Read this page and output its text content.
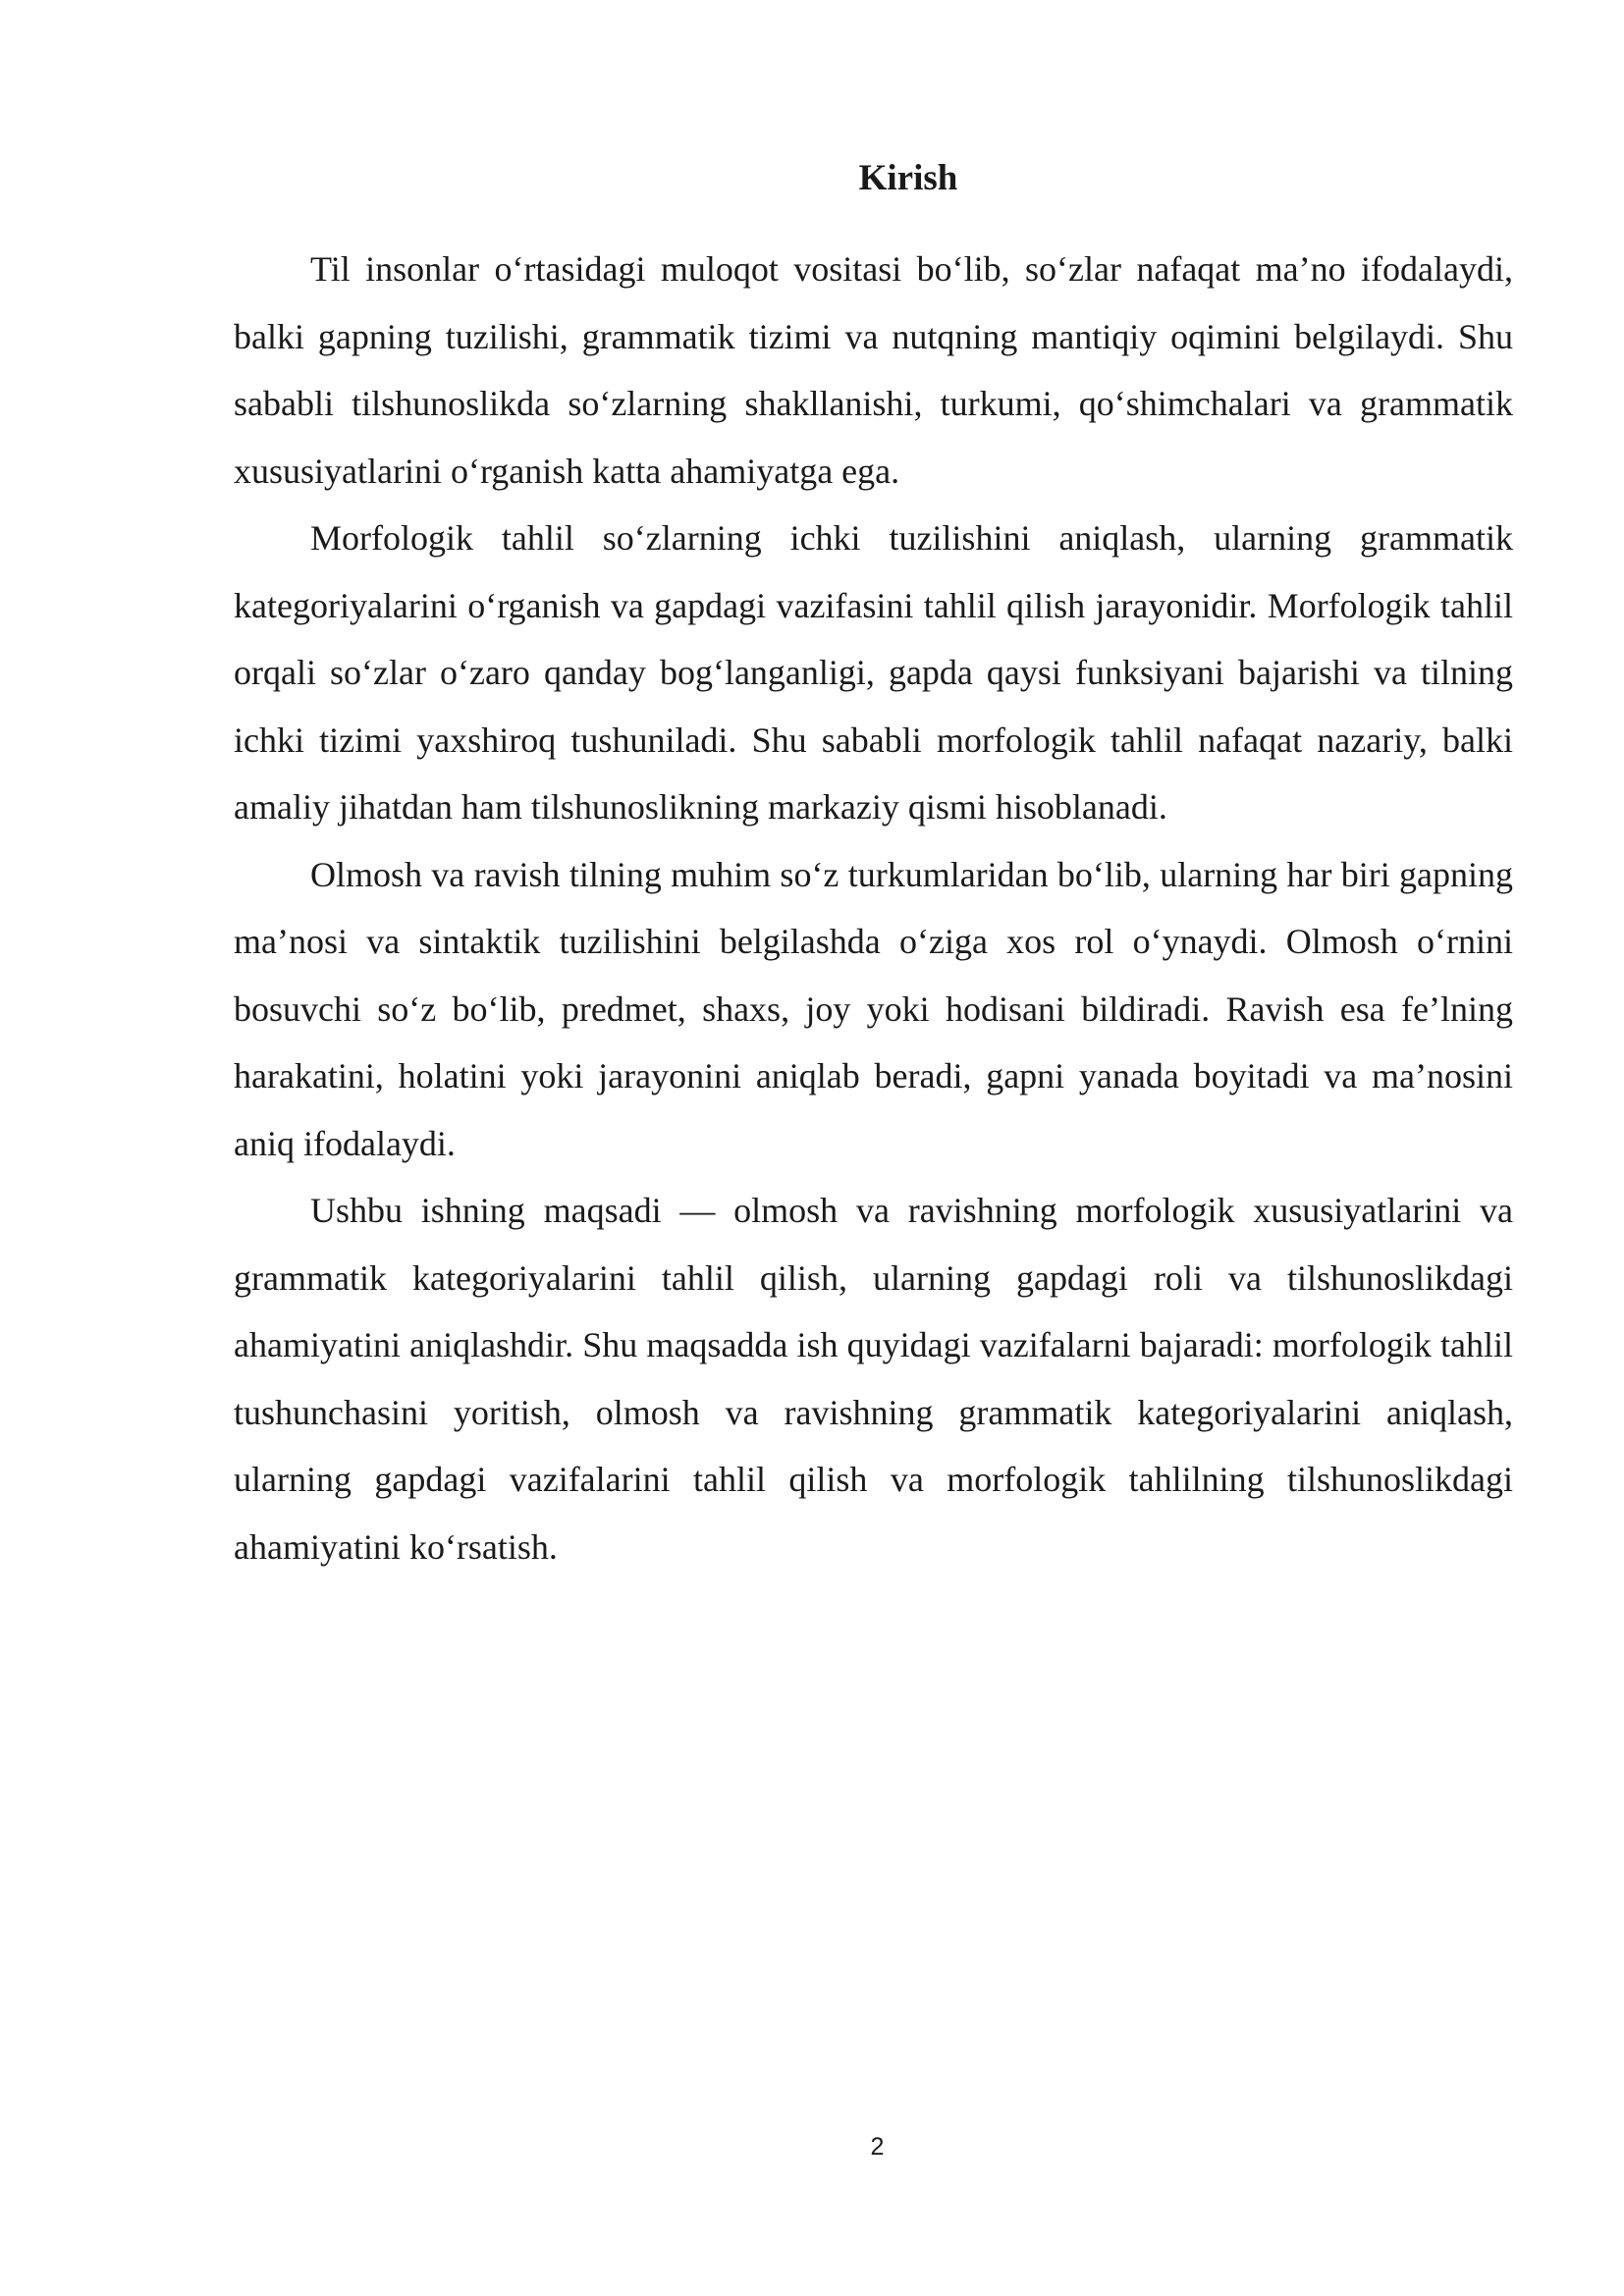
Kirish

Til insonlar o‘rtasidagi muloqot vositasi bo‘lib, so‘zlar nafaqat ma’no ifodalaydi, balki gapning tuzilishi, grammatik tizimi va nutqning mantiqiy oqimini belgilaydi. Shu sababli tilshunoslikda so‘zlarning shakllanishi, turkumi, qo‘shimchalari va grammatik xususiyatlarini o‘rganish katta ahamiyatga ega.

Morfologik tahlil so‘zlarning ichki tuzilishini aniqlash, ularning grammatik kategoriyalarini o‘rganish va gapdagi vazifasini tahlil qilish jarayonidir. Morfologik tahlil orqali so‘zlar o‘zaro qanday bog‘langanligi, gapda qaysi funksiyani bajarishi va tilning ichki tizimi yaxshiroq tushuniladi. Shu sababli morfologik tahlil nafaqat nazariy, balki amaliy jihatdan ham tilshunoslikning markaziy qismi hisoblanadi.

Olmosh va ravish tilning muhim so‘z turkumlaridan bo‘lib, ularning har biri gapning ma’nosi va sintaktik tuzilishini belgilashda o‘ziga xos rol o‘ynaydi. Olmosh o‘rnini bosuvchi so‘z bo‘lib, predmet, shaxs, joy yoki hodisani bildiradi. Ravish esa fe’lning harakatini, holatini yoki jarayonini aniqlab beradi, gapni yanada boyitadi va ma’nosini aniq ifodalaydi.

Ushbu ishning maqsadi — olmosh va ravishning morfologik xususiyatlarini va grammatik kategoriyalarini tahlil qilish, ularning gapdagi roli va tilshunoslikdagi ahamiyatini aniqlashdir. Shu maqsadda ish quyidagi vazifalarni bajaradi: morfologik tahlil tushunchasini yoritish, olmosh va ravishning grammatik kategoriyalarini aniqlash, ularning gapdagi vazifalarini tahlil qilish va morfologik tahlilning tilshunoslikdagi ahamiyatini ko‘rsatish.

2
